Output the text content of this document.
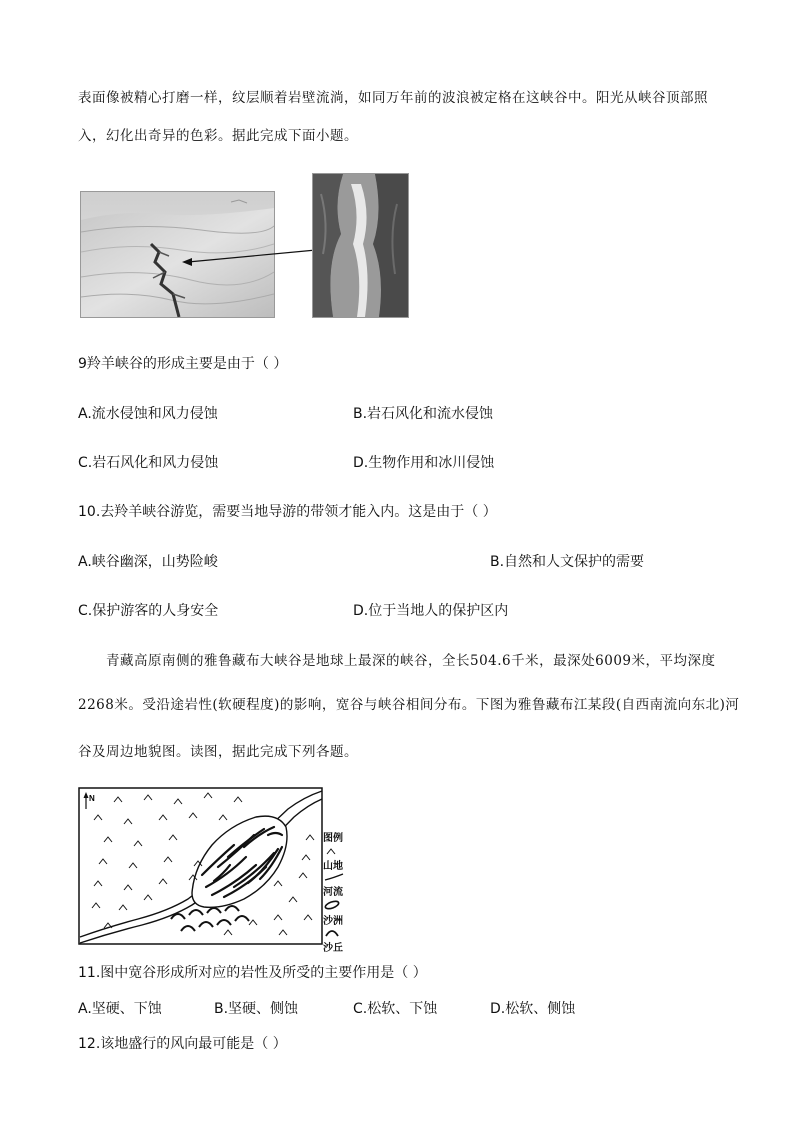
表面像被精心打磨一样，纹层顺着岩壁流淌，如同万年前的波浪被定格在这峡谷中。阳光从峡谷顶部照
入，幻化出奇异的色彩。据此完成下面小题。
9羚羊峡谷的形成主要是由于（ ）
A.流水侵蚀和风力侵蚀	B.岩石风化和流水侵蚀
C.岩石风化和风力侵蚀	D.生物作用和冰川侵蚀
10.去羚羊峡谷游览，需要当地导游的带领才能入内。这是由于（ ）
A.峡谷幽深，山势险峻	B.自然和人文保护的需要
C.保护游客的人身安全	D.位于当地人的保护区内
青藏高原南侧的雅鲁藏布大峡谷是地球上最深的峡谷，全长504.6千米，最深处6009米，平均深度
2268米。受沿途岩性(软硬程度)的影响，宽谷与峡谷相间分布。下图为雅鲁藏布江某段(自西南流向东北)河
谷及周边地貌图。读图，据此完成下列各题。
N
图例
山地
河流
沙洲
沙丘
11.图中宽谷形成所对应的岩性及所受的主要作用是（ ）
A.坚硬、下蚀	B.坚硬、侧蚀	C.松软、下蚀	D.松软、侧蚀
12.该地盛行的风向最可能是（ ）
